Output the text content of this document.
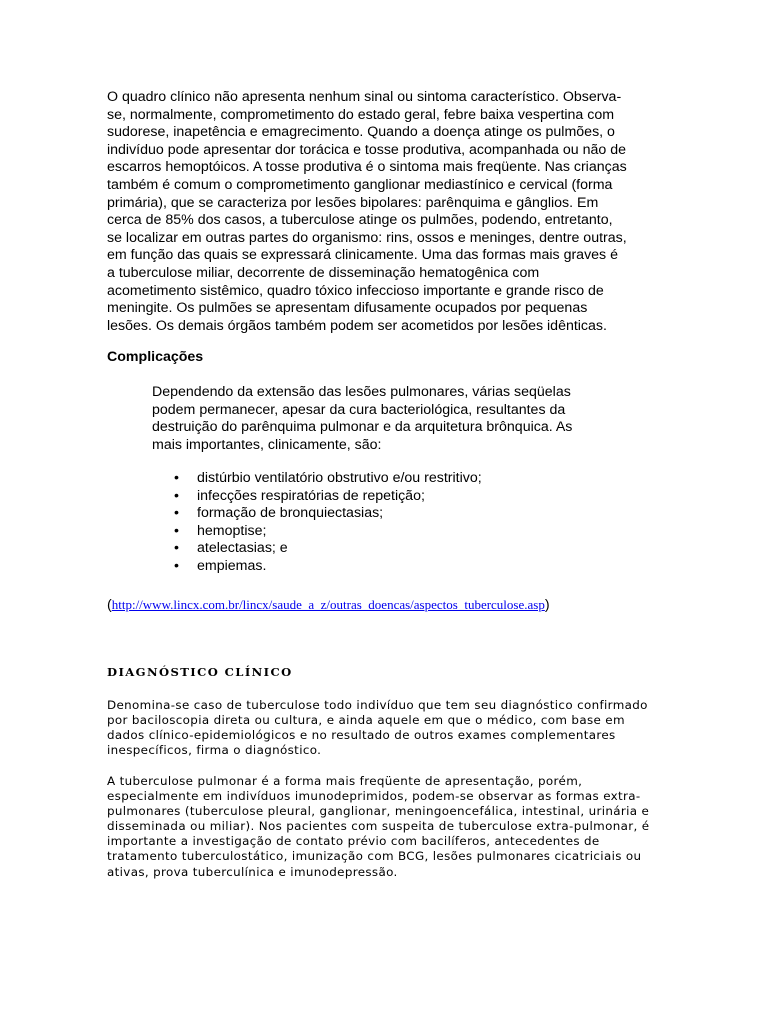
O quadro clínico não apresenta nenhum sinal ou sintoma característico. Observa-
se, normalmente, comprometimento do estado geral, febre baixa vespertina com
sudorese, inapetência e emagrecimento. Quando a doença atinge os pulmões, o
indivíduo pode apresentar dor torácica e tosse produtiva, acompanhada ou não de
escarros hemoptóicos. A tosse produtiva é o sintoma mais freqüente. Nas crianças
também é comum o comprometimento ganglionar mediastínico e cervical (forma
primária), que se caracteriza por lesões bipolares: parênquima e gânglios. Em
cerca de 85% dos casos, a tuberculose atinge os pulmões, podendo, entretanto,
se localizar em outras partes do organismo: rins, ossos e meninges, dentre outras,
em função das quais se expressará clinicamente. Uma das formas mais graves é
a tuberculose miliar, decorrente de disseminação hematogênica com
acometimento sistêmico, quadro tóxico infeccioso importante e grande risco de
meningite. Os pulmões se apresentam difusamente ocupados por pequenas
lesões. Os demais órgãos também podem ser acometidos por lesões idênticas.

Complicações

Dependendo da extensão das lesões pulmonares, várias seqüelas
podem permanecer, apesar da cura bacteriológica, resultantes da
destruição do parênquima pulmonar e da arquitetura brônquica. As
mais importantes, clinicamente, são:

• distúrbio ventilatório obstrutivo e/ou restritivo;
• infecções respiratórias de repetição;
• formação de bronquiectasias;
• hemoptise;
• atelectasias; e
• empiemas.

(http://www.lincx.com.br/lincx/saude_a_z/outras_doencas/aspectos_tuberculose.asp)

DIAGNÓSTICO CLÍNICO

Denomina-se caso de tuberculose todo indivíduo que tem seu diagnóstico confirmado
por baciloscopia direta ou cultura, e ainda aquele em que o médico, com base em
dados clínico-epidemiológicos e no resultado de outros exames complementares
inespecíficos, firma o diagnóstico.

A tuberculose pulmonar é a forma mais freqüente de apresentação, porém,
especialmente em indivíduos imunodeprimidos, podem-se observar as formas extra-
pulmonares (tuberculose pleural, ganglionar, meningoencefálica, intestinal, urinária e
disseminada ou miliar). Nos pacientes com suspeita de tuberculose extra-pulmonar, é
importante a investigação de contato prévio com bacilíferos, antecedentes de
tratamento tuberculostático, imunização com BCG, lesões pulmonares cicatriciais ou
ativas, prova tuberculínica e imunodepressão.
